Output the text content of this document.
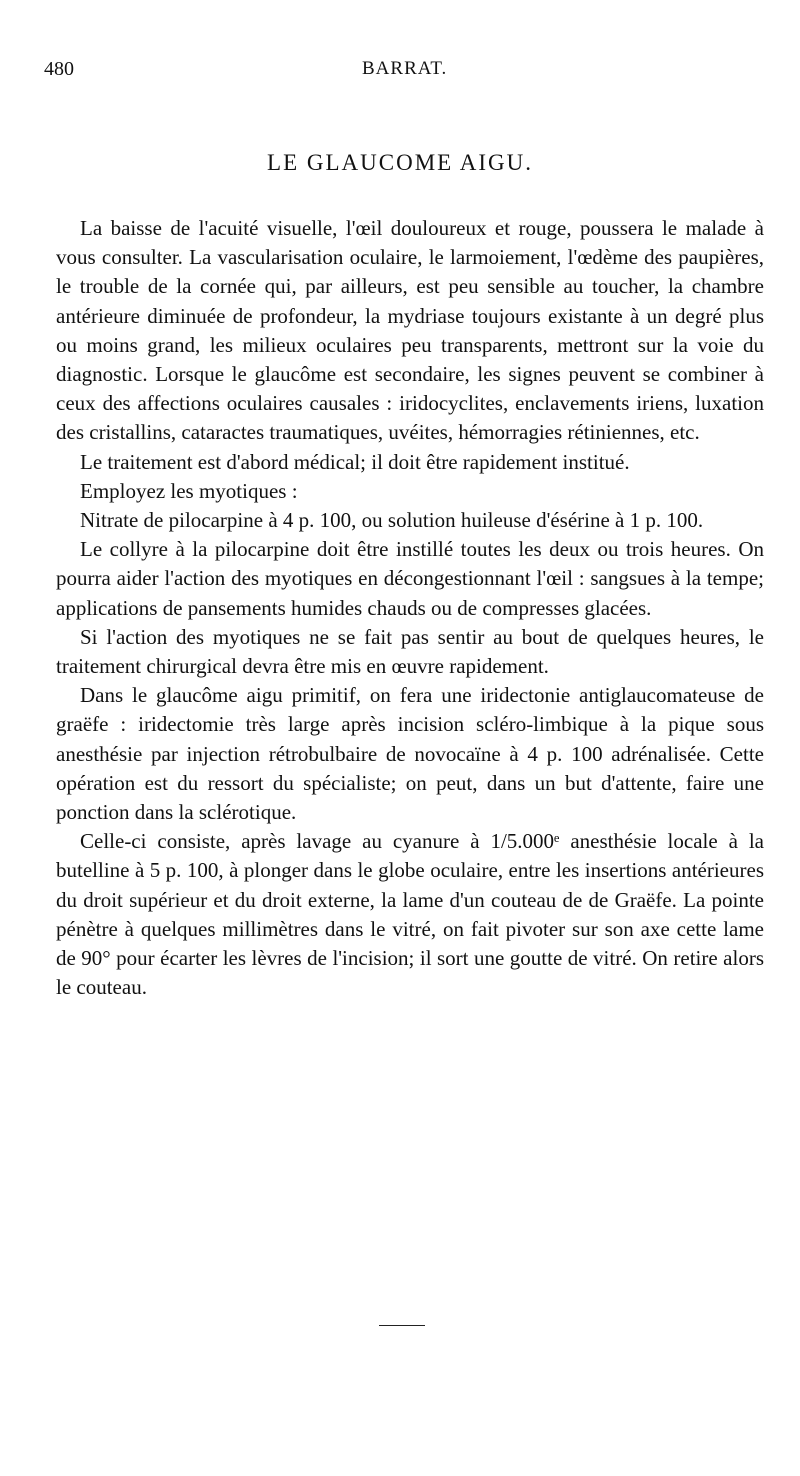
480	BARRAT.
LE GLAUCOME AIGU.

La baisse de l'acuité visuelle, l'œil douloureux et rouge, poussera le malade à vous consulter. La vascularisation oculaire, le larmoiement, l'œdème des paupières, le trouble de la cornée qui, par ailleurs, est peu sensible au toucher, la chambre antérieure diminuée de profondeur, la mydriase toujours existante à un degré plus ou moins grand, les milieux oculaires peu transparents, mettront sur la voie du diagnostic. Lorsque le glaucôme est secondaire, les signes peuvent se combiner à ceux des affections oculaires causales : iridocyclites, enclavements iriens, luxation des cristallins, cataractes traumatiques, uvéites, hémorragies rétiniennes, etc.

Le traitement est d'abord médical; il doit être rapidement institué.

Employez les myotiques :

Nitrate de pilocarpine à 4 p. 100, ou solution huileuse d'ésérine à 1 p. 100.

Le collyre à la pilocarpine doit être instillé toutes les deux ou trois heures. On pourra aider l'action des myotiques en décongestionnant l'œil : sangsues à la tempe; applications de pansements humides chauds ou de compresses glacées.

Si l'action des myotiques ne se fait pas sentir au bout de quelques heures, le traitement chirurgical devra être mis en œuvre rapidement.

Dans le glaucôme aigu primitif, on fera une iridectonie antiglaucomateuse de graëfe : iridectomie très large après incision scléro-limbique à la pique sous anesthésie par injection rétrobulbaire de novocaïne à 4 p. 100 adrénalisée. Cette opération est du ressort du spécialiste; on peut, dans un but d'attente, faire une ponction dans la sclérotique.

Celle-ci consiste, après lavage au cyanure à 1/5.000ᵉ anesthésie locale à la butelline à 5 p. 100, à plonger dans le globe oculaire, entre les insertions antérieures du droit supérieur et du droit externe, la lame d'un couteau de de Graëfe. La pointe pénètre à quelques millimètres dans le vitré, on fait pivoter sur son axe cette lame de 90° pour écarter les lèvres de l'incision; il sort une goutte de vitré. On retire alors le couteau.
